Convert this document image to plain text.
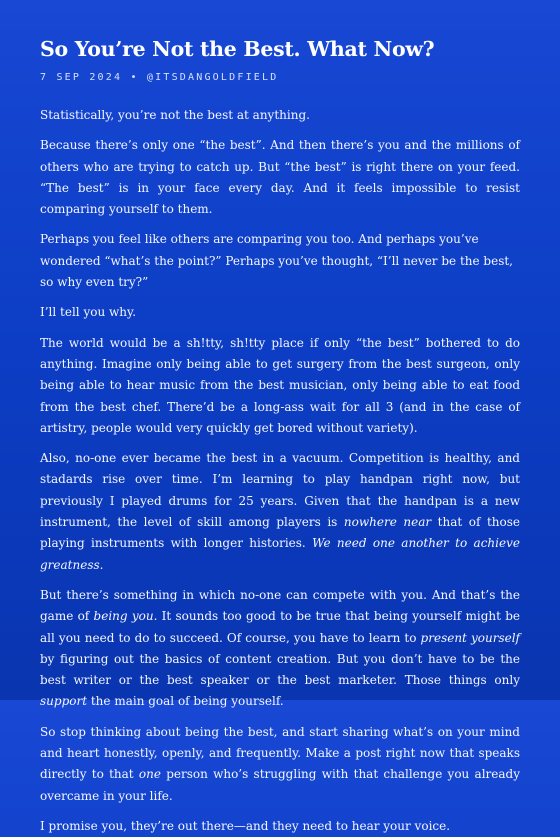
So You’re Not the Best. What Now?
7 SEP 2024 • @ITSDANGOLDFIELD

Statistically, you’re not the best at anything.

Because there’s only one “the best”. And then there’s you and the millions of others who are trying to catch up. But “the best” is right there on your feed. “The best” is in your face every day. And it feels impossible to resist comparing yourself to them.

Perhaps you feel like others are comparing you too. And perhaps you’ve wondered “what’s the point?” Perhaps you’ve thought, “I’ll never be the best, so why even try?”

I’ll tell you why.

The world would be a sh!tty, sh!tty place if only “the best” bothered to do anything. Imagine only being able to get surgery from the best surgeon, only being able to hear music from the best musician, only being able to eat food from the best chef. There’d be a long-ass wait for all 3 (and in the case of artistry, people would very quickly get bored without variety).

Also, no-one ever became the best in a vacuum. Competition is healthy, and stadards rise over time. I’m learning to play handpan right now, but previously I played drums for 25 years. Given that the handpan is a new instrument, the level of skill among players is nowhere near that of those playing instruments with longer histories. We need one another to achieve greatness.

But there’s something in which no-one can compete with you. And that’s the game of being you. It sounds too good to be true that being yourself might be all you need to do to succeed. Of course, you have to learn to present yourself by figuring out the basics of content creation. But you don’t have to be the best writer or the best speaker or the best marketer. Those things only support the main goal of being yourself.

So stop thinking about being the best, and start sharing what’s on your mind and heart honestly, openly, and frequently. Make a post right now that speaks directly to that one person who’s struggling with that challenge you already overcame in your life.

I promise you, they’re out there—and they need to hear your voice.
